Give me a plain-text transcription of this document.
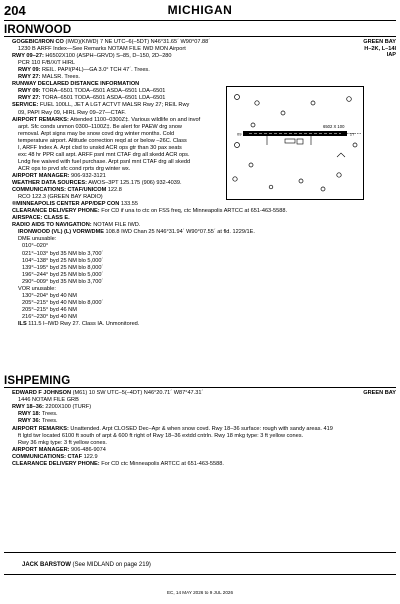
204	MICHIGAN
IRONWOOD
GREEN BAY
H–2K, L–14I
IAP
GOGEBIC/IRON CO (IWD)(KIWD) 7 NE UTC–6(–5DT) N46°31.65´ W90°07.88´
1230 B ARFF Index—See Remarks NOTAM FILE IWD MON Airport
RWY 09–27: H6502X100 (ASPH–GRVD) S–85, D–150, 2D–280
PCR 110 F/B/X/T HIRL
RWY 09: REIL. PAPI(P4L)—GA 3.0° TCH 47´. Trees.
RWY 27: MALSR. Trees.
RUNWAY DECLARED DISTANCE INFORMATION
RWY 09: TORA–6501 TODA–6501 ASDA–6501 LDA–6501
RWY 27: TORA–6501 TODA–6501 ASDA–6501 LDA–6501
SERVICE: FUEL 100LL, JET A LGT ACTVT MALSR Rwy 27; REIL Rwy
09, PAPI Rwy 09, HIRL Rwy 09–27—CTAF.
AIRPORT REMARKS: Attended 1100–0300Z‡. Various wildlife on and invof
arpt. Sfc conds unmon 0300–1100Z‡. Be alert for PAEW drg snow
removal. Arpt signs may be snow covd drg winter months. Cold
temperature airport. Altitude correction reqd at or below –26C. Class
I, ARFF Index A. Arpt clsd to unskd ACR ops gtr than 30 pax seats
exc 48 hr PPR call arpt. ARFF psnl mnt CTAF drg all skedd ACR ops.
Lndg fee waived with fuel purchase. Arpt psnl mnt CTAF drg all skedd
ACR ops to prvd sfc cond rprts drg winter wx.
AIRPORT MANAGER: 906-932-3121
WEATHER DATA SOURCES: AWOS–3PT 125.175 (906) 932-4039.
COMMUNICATIONS: CTAF/UNICOM 122.8
RCO 122.3 (GREEN BAY RADIO)
®MINNEAPOLIS CENTER APP/DEP CON 133.55
CLEARANCE DELIVERY PHONE: For CD if una to ctc on FSS freq, ctc Minneapolis ARTCC at 651-463-5588.
AIRSPACE: CLASS E.
RADIO AIDS TO NAVIGATION: NOTAM FILE IWD.
IRONWOOD (VL) (L) VORW/DME 108.8 IWD Chan 25 N46°31.94´ W90°07.55´ at fld. 1229/1E.
DME unusable:
010°–020°
021°–103° byd 35 NM blo 3,700´
104°–138° byd 25 NM blo 5,000´
139°–195° byd 25 NM blo 8,000´
196°–244° byd 25 NM blo 5,000´
290°–009° byd 35 NM blo 3,700´
VOR unusable:
130°–204° byd 40 NM
205°–215° byd 40 NM blo 8,000´
205°–215° byd 46 NM
216°–230° byd 40 NM
ILS 111.5 I–IWD Rwy 27. Class IA. Unmonitored.
6502 X 100
09	27
ISHPEMING
GREEN BAY
EDWARD F JOHNSON (M61) 10 SW UTC–5(–4DT) N46°20.71´ W87°47.31´
1446 NOTAM FILE GRB
RWY 18–36: 2200X100 (TURF)
RWY 18: Trees.
RWY 36: Trees.
AIRPORT REMARKS: Unattended. Arpt CLOSED Dec–Apr & when snow covd. Rwy 18–36 surface: rough with sandy areas. 419
ft lgtd twr located 6100 ft south of arpt & 600 ft right of Rwy 18–36 extdd cntrln. Rwy 18 mkg type: 3 ft yellow cones.
Rwy 36 mkg type: 3 ft yellow cones.
AIRPORT MANAGER: 906-486-9074
COMMUNICATIONS: CTAF 122.9
CLEARANCE DELIVERY PHONE: For CD ctc Minneapolis ARTCC at 651-463-5588.
JACK BARSTOW (See MIDLAND on page 219)
EC, 14 MAY 2026 to 9 JUL 2026
